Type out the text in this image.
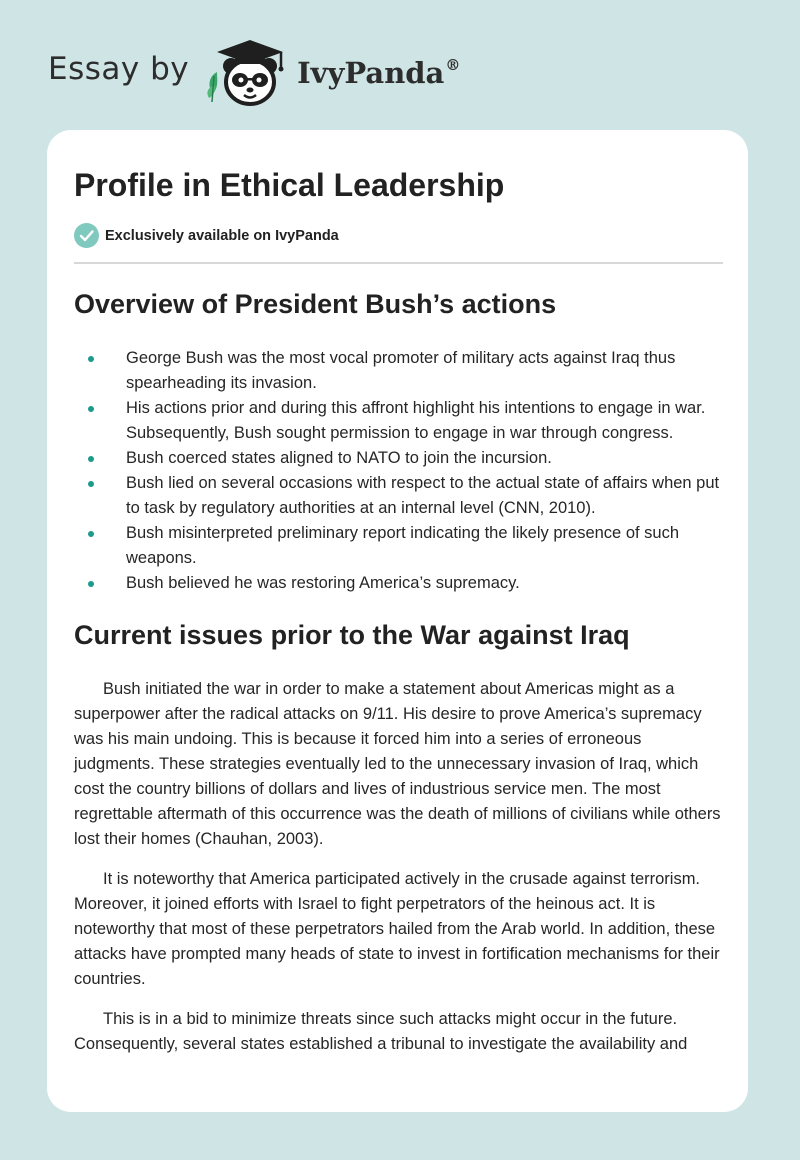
Essay by	IvyPanda®
Profile in Ethical Leadership
Exclusively available on IvyPanda
Overview of President Bush’s actions
George Bush was the most vocal promoter of military acts against Iraq thus spearheading its invasion.
His actions prior and during this affront highlight his intentions to engage in war. Subsequently, Bush sought permission to engage in war through congress.
Bush coerced states aligned to NATO to join the incursion.
Bush lied on several occasions with respect to the actual state of affairs when put to task by regulatory authorities at an internal level (CNN, 2010).
Bush misinterpreted preliminary report indicating the likely presence of such weapons.
Bush believed he was restoring America’s supremacy.
Current issues prior to the War against Iraq

Bush initiated the war in order to make a statement about Americas might as a superpower after the radical attacks on 9/11. His desire to prove America’s supremacy was his main undoing. This is because it forced him into a series of erroneous judgments. These strategies eventually led to the unnecessary invasion of Iraq, which cost the country billions of dollars and lives of industrious service men. The most regrettable aftermath of this occurrence was the death of millions of civilians while others lost their homes (Chauhan, 2003).

It is noteworthy that America participated actively in the crusade against terrorism. Moreover, it joined efforts with Israel to fight perpetrators of the heinous act. It is noteworthy that most of these perpetrators hailed from the Arab world. In addition, these attacks have prompted many heads of state to invest in fortification mechanisms for their countries.

This is in a bid to minimize threats since such attacks might occur in the future. Consequently, several states established a tribunal to investigate the availability and
